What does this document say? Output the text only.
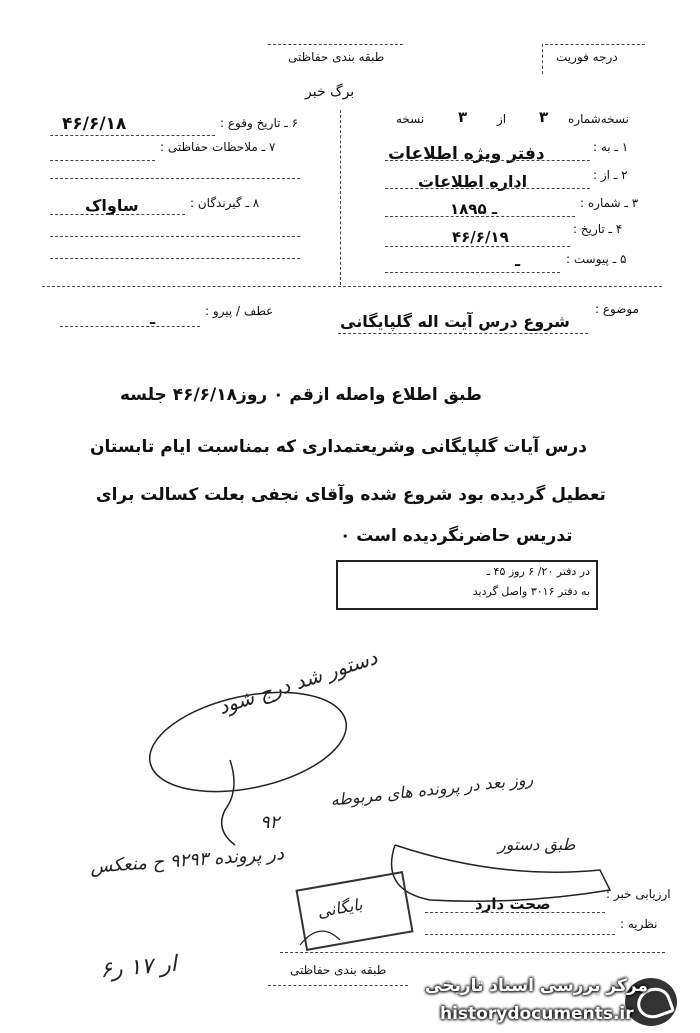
درجه فوریت
طبقه بندی حفاظتی
برگ خبر
نسخه‌شماره
۳
از
۳
نسخه
۱ ـ به :
دفتر ویژه اطلاعات
۲ ـ از :
اداره اطلاعات
۳ ـ شماره :
۱۸۹۵ ـ
۴ ـ تاریخ :
۴۶/۶/۱۹
۵ ـ پیوست :
ـ
۶ ـ تاریخ وقوع :
۴۶/۶/۱۸
۷ ـ ملاحظات حفاظتی :
۸ ـ گیرندگان :
ساواک
موضوع :
شروع درس آیت اله گلپایگانی
عطف / پیرو :
ـ
طبق اطلاع واصله ازقم ۰ روز۴۶/۶/۱۸ جلسه
درس آیات گلپایگانی وشریعتمداری که بمناسبت ایام تابستان
تعطیل گردیده بود شروع شده وآقای نجفی بعلت کسالت برای
تدریس حاضرنگردیده است ۰
در دفتر ۲۰/ ۶ روز ۴۵ ـ
به دفتر ۳۰۱۶ واصل گردید
دستور شد درج شود
روز بعد در پرونده های مربوطه
۹۲
طبق دستور
در پرونده ۹۲۹۳ ح منعکس
ار ۱۷ ر۶
بایگانی
ارزیابی خبر :
صحت دارد
نظریه :
طبقه بندی حفاظتی
مرکز بررسی اسناد تاریخی
historydocuments.ir
